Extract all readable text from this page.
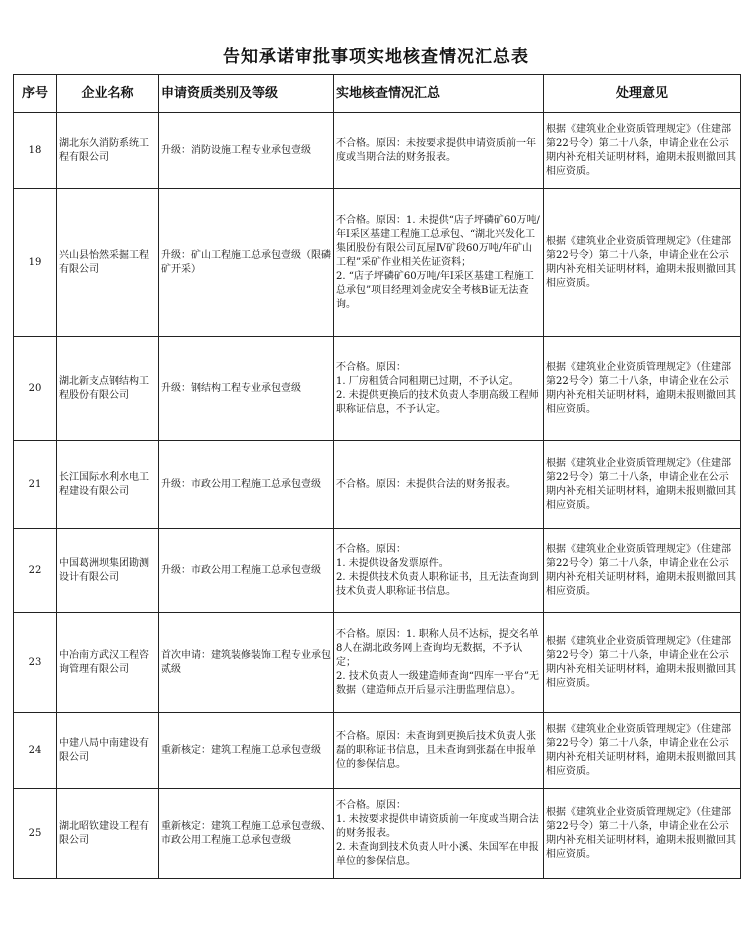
告知承诺审批事项实地核查情况汇总表
序号	企业名称	申请资质类别及等级	实地核查情况汇总	处理意见
18	湖北东久消防系统工程有限公司	升级：消防设施工程专业承包壹级	不合格。原因：未按要求提供申请资质前一年度或当期合法的财务报表。	根据《建筑业企业资质管理规定》（住建部第22号令）第二十八条，申请企业在公示期内补充相关证明材料，逾期未报则撤回其相应资质。
19	兴山县怡然采掘工程有限公司	升级：矿山工程施工总承包壹级（限磷矿开采）	不合格。原因：1. 未提供“店子坪磷矿60万吨/年Ⅰ采区基建工程施工总承包、“湖北兴发化工集团股份有限公司瓦屋Ⅳ矿段60万吨/年矿山工程”采矿作业相关佐证资料；
2. “店子坪磷矿60万吨/年Ⅰ采区基建工程施工总承包”项目经理刘金虎安全考核B证无法查询。	根据《建筑业企业资质管理规定》（住建部第22号令）第二十八条，申请企业在公示期内补充相关证明材料，逾期未报则撤回其相应资质。
20	湖北新支点钢结构工程股份有限公司	升级：钢结构工程专业承包壹级	不合格。原因：
1. 厂房租赁合同租期已过期，不予认定。
2. 未提供更换后的技术负责人李朋高级工程师职称证信息，不予认定。	根据《建筑业企业资质管理规定》（住建部第22号令）第二十八条，申请企业在公示期内补充相关证明材料，逾期未报则撤回其相应资质。
21	长江国际水利水电工程建设有限公司	升级：市政公用工程施工总承包壹级	不合格。原因：未提供合法的财务报表。	根据《建筑业企业资质管理规定》（住建部第22号令）第二十八条，申请企业在公示期内补充相关证明材料，逾期未报则撤回其相应资质。
22	中国葛洲坝集团勘测设计有限公司	升级：市政公用工程施工总承包壹级	不合格。原因：
1. 未提供设备发票原件。
2. 未提供技术负责人职称证书，且无法查询到技术负责人职称证书信息。	根据《建筑业企业资质管理规定》（住建部第22号令）第二十八条，申请企业在公示期内补充相关证明材料，逾期未报则撤回其相应资质。
23	中冶南方武汉工程咨询管理有限公司	首次申请：建筑装修装饰工程专业承包贰级	不合格。原因：1. 职称人员不达标，提交名单8人在湖北政务网上查询均无数据，不予认定；
2. 技术负责人一级建造师查询“四库一平台”无数据（建造师点开后显示注册监理信息）。	根据《建筑业企业资质管理规定》（住建部第22号令）第二十八条，申请企业在公示期内补充相关证明材料，逾期未报则撤回其相应资质。
24	中建八局中南建设有限公司	重新核定：建筑工程施工总承包壹级	不合格。原因：未查询到更换后技术负责人张磊的职称证书信息，且未查询到张磊在申报单位的参保信息。	根据《建筑业企业资质管理规定》（住建部第22号令）第二十八条，申请企业在公示期内补充相关证明材料，逾期未报则撤回其相应资质。
25	湖北昭钦建设工程有限公司	重新核定：建筑工程施工总承包壹级、市政公用工程施工总承包壹级	不合格。原因：
1. 未按要求提供申请资质前一年度或当期合法的财务报表。
2. 未查询到技术负责人叶小溪、朱国军在申报单位的参保信息。	根据《建筑业企业资质管理规定》（住建部第22号令）第二十八条，申请企业在公示期内补充相关证明材料，逾期未报则撤回其相应资质。
